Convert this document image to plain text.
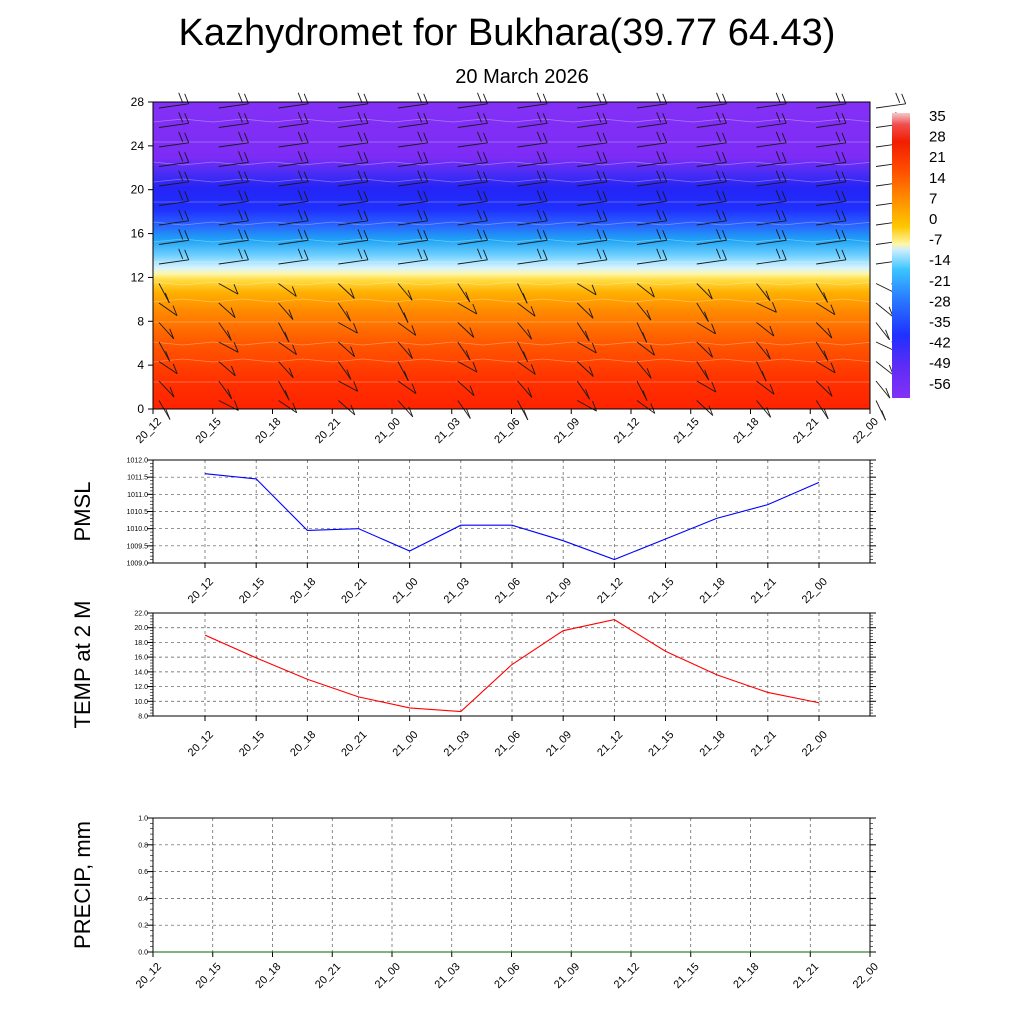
Kazhydromet for Bukhara(39.77 64.43)
20 March 2026
0
4
8
12
16
20
24
28
20_12	20_15	20_18	20_21	21_00	21_03	21_06	21_09	21_12	21_15	21_18	21_21	22_00
35
28
21
14
7
0
-7
-14
-21
-28
-35
-42
-49
-56
1009.0
1009.5
1010.0
1010.5
1011.0
1011.5
1012.0
PMSL
20_12 20_15 20_18 20_21 21_00 21_03 21_06 21_09 21_12 21_15 21_18 21_21 22_00
8.0
10.0
12.0
14.0
16.0
18.0
20.0
22.0
TEMP at 2 M
20_12 20_15 20_18 20_21 21_00 21_03 21_06 21_09 21_12 21_15 21_18 21_21 22_00
0.0
0.2
0.4
0.6
0.8
1.0
PRECIP, mm
20_12	20_15	20_18	20_21	21_00	21_03	21_06	21_09	21_12	21_15	21_18	21_21	22_00
